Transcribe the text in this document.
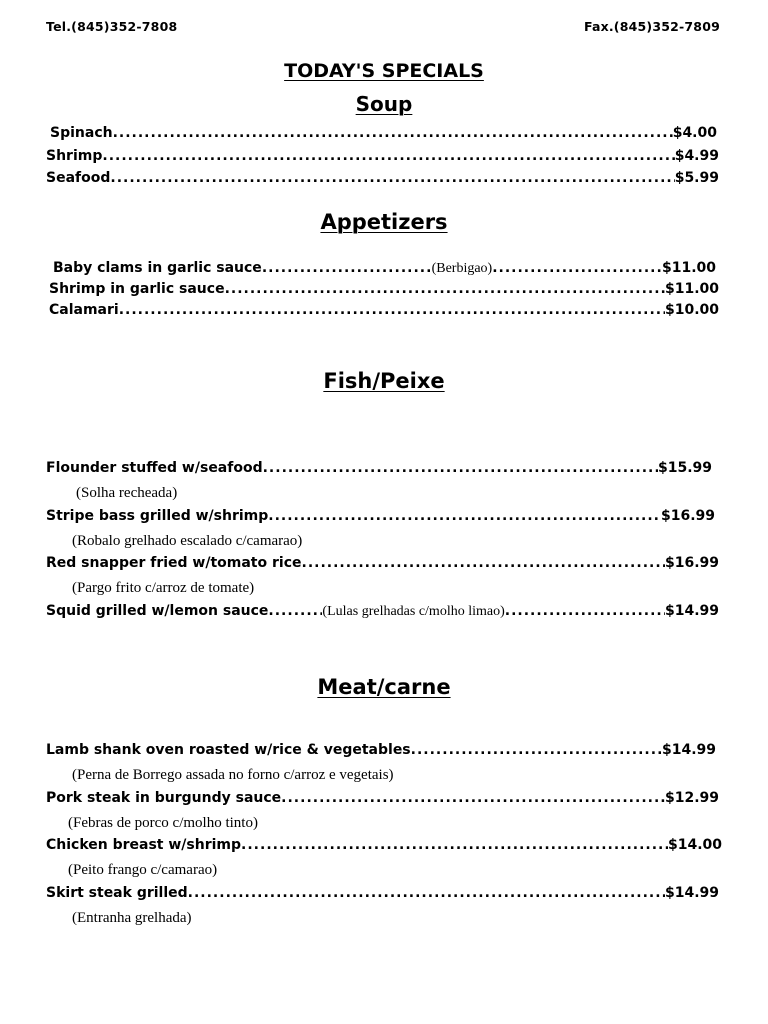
Tel.(845)352-7808	Fax.(845)352-7809
TODAY'S SPECIALS
Soup
Spinach .....	$4.00
Shrimp .....	$4.99
Seafood .....	$5.99
Appetizers
Baby clams in garlic sauce .....	(Berbigao) .....	$11.00
Shrimp in garlic sauce .....	$11.00
Calamari .....	$10.00
Fish/Peixe
Flounder stuffed w/seafood .....	$15.99
(Solha recheada)
Stripe bass grilled w/shrimp .....	$16.99
(Robalo grelhado escalado c/camarao)
Red snapper fried w/tomato rice .....	$16.99
(Pargo frito c/arroz de tomate)
Squid grilled w/lemon sauce .....	(Lulas grelhadas c/molho limao) .....	$14.99
Meat/carne
Lamb shank oven roasted w/rice & vegetables .....	$14.99
(Perna de Borrego assada no forno c/arroz e vegetais)
Pork steak in burgundy sauce .....	$12.99
(Febras de porco c/molho tinto)
Chicken breast w/shrimp .....	$14.00
(Peito frango c/camarao)
Skirt steak grilled .....	$14.99
(Entranha grelhada)
